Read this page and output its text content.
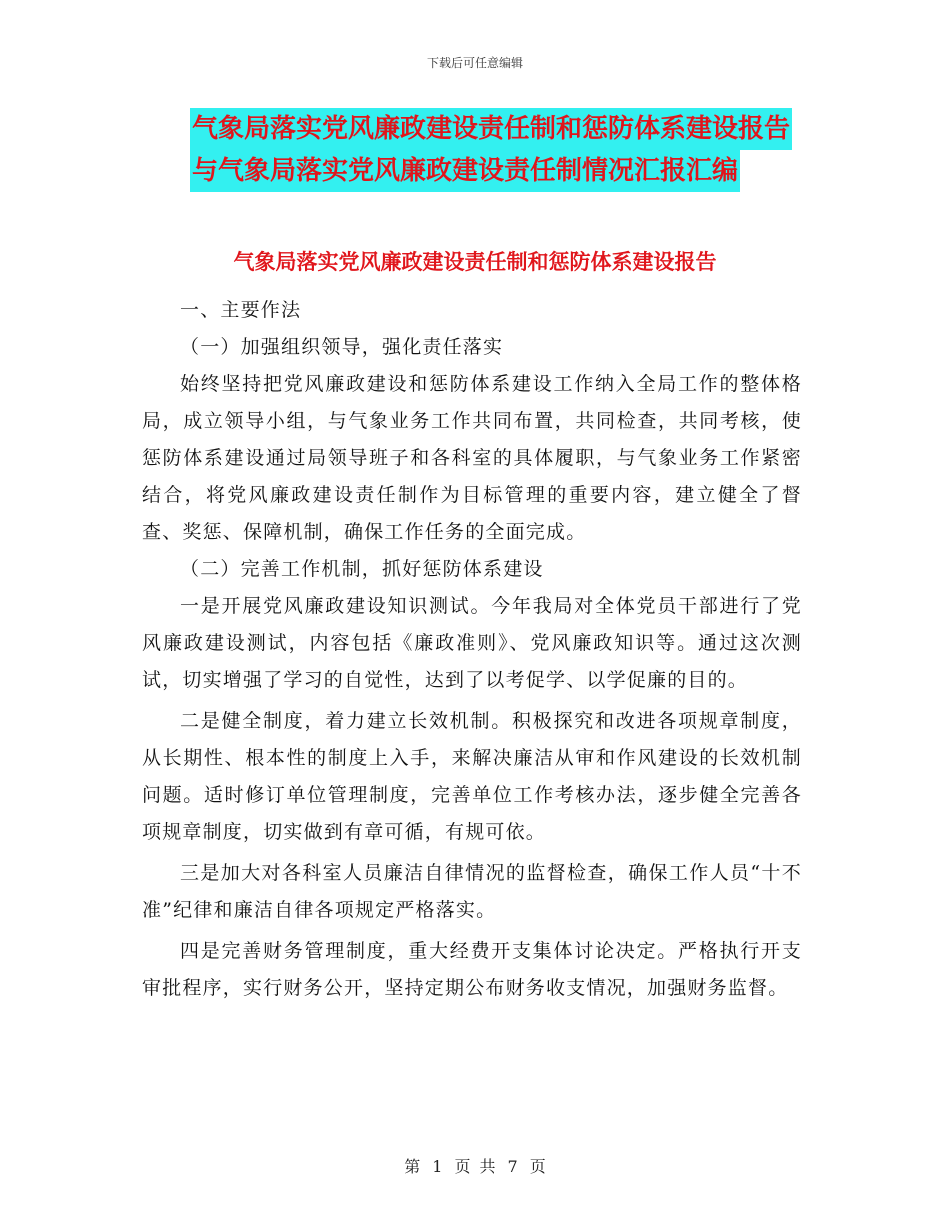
下载后可任意编辑
气象局落实党风廉政建设责任制和惩防体系建设报告
与气象局落实党风廉政建设责任制情况汇报汇编
气象局落实党风廉政建设责任制和惩防体系建设报告

一、主要作法

（一）加强组织领导，强化责任落实

始终坚持把党风廉政建设和惩防体系建设工作纳入全局工作的整体格局，成立领导小组，与气象业务工作共同布置，共同检查，共同考核，使惩防体系建设通过局领导班子和各科室的具体履职，与气象业务工作紧密结合，将党风廉政建设责任制作为目标管理的重要内容，建立健全了督查、奖惩、保障机制，确保工作任务的全面完成。

（二）完善工作机制，抓好惩防体系建设

一是开展党风廉政建设知识测试。今年我局对全体党员干部进行了党风廉政建设测试，内容包括《廉政准则》、党风廉政知识等。通过这次测试，切实增强了学习的自觉性，达到了以考促学、以学促廉的目的。

二是健全制度，着力建立长效机制。积极探究和改进各项规章制度，从长期性、根本性的制度上入手，来解决廉洁从审和作风建设的长效机制问题。适时修订单位管理制度，完善单位工作考核办法，逐步健全完善各项规章制度，切实做到有章可循，有规可依。

三是加大对各科室人员廉洁自律情况的监督检查，确保工作人员“十不准”纪律和廉洁自律各项规定严格落实。

四是完善财务管理制度，重大经费开支集体讨论决定。严格执行开支审批程序，实行财务公开，坚持定期公布财务收支情况，加强财务监督。

第 1 页 共 7 页
